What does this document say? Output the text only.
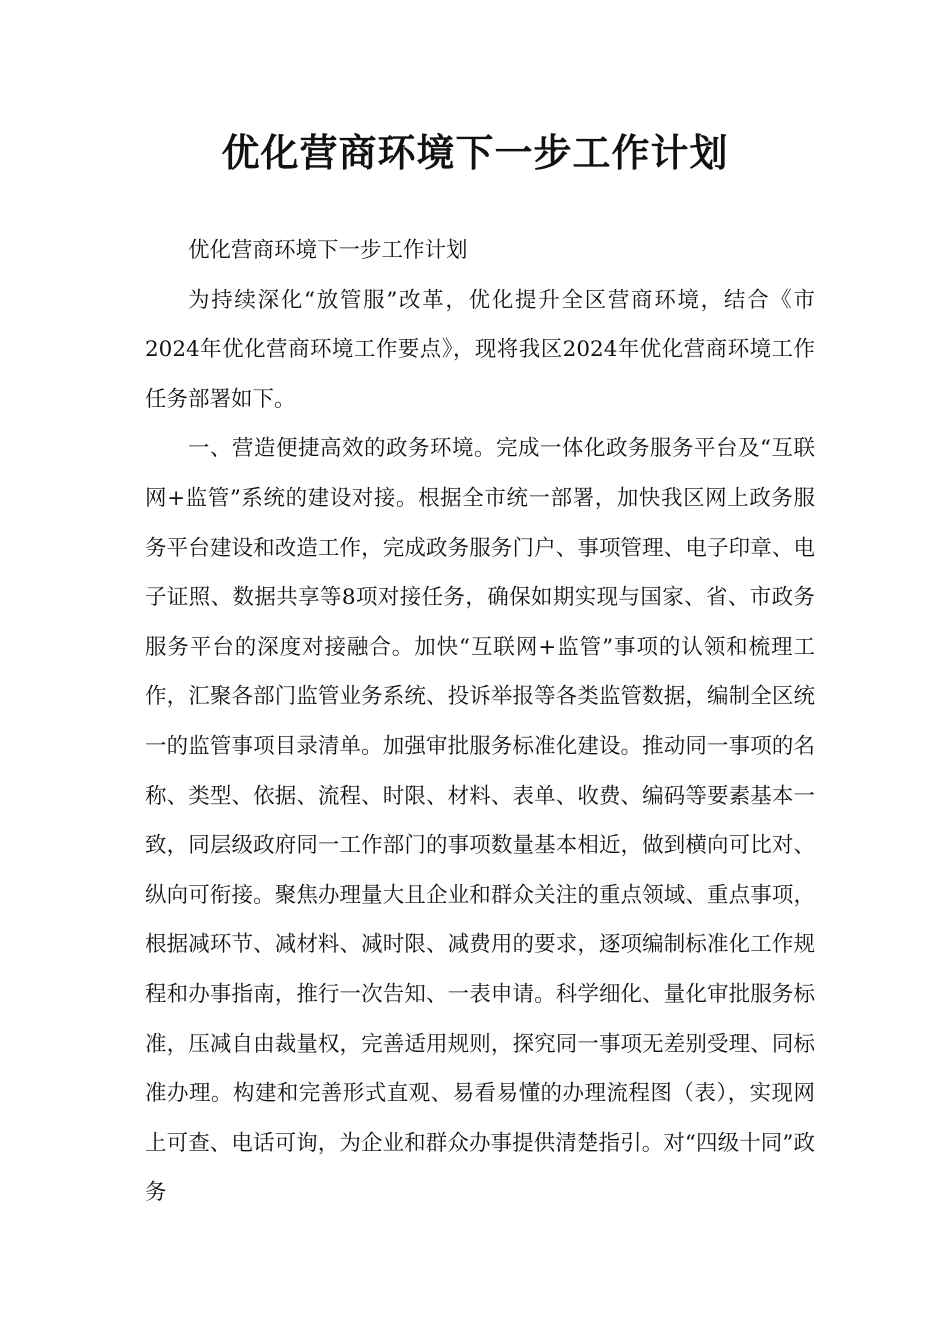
优化营商环境下一步工作计划

优化营商环境下一步工作计划

为持续深化“放管服”改革，优化提升全区营商环境，结合《市2024年优化营商环境工作要点》，现将我区2024年优化营商环境工作任务部署如下。

一、营造便捷高效的政务环境。完成一体化政务服务平台及“互联网+监管”系统的建设对接。根据全市统一部署，加快我区网上政务服务平台建设和改造工作，完成政务服务门户、事项管理、电子印章、电子证照、数据共享等8项对接任务，确保如期实现与国家、省、市政务服务平台的深度对接融合。加快“互联网+监管”事项的认领和梳理工作，汇聚各部门监管业务系统、投诉举报等各类监管数据，编制全区统一的监管事项目录清单。加强审批服务标准化建设。推动同一事项的名称、类型、依据、流程、时限、材料、表单、收费、编码等要素基本一致，同层级政府同一工作部门的事项数量基本相近，做到横向可比对、纵向可衔接。聚焦办理量大且企业和群众关注的重点领域、重点事项，根据减环节、减材料、减时限、减费用的要求，逐项编制标准化工作规程和办事指南，推行一次告知、一表申请。科学细化、量化审批服务标准，压减自由裁量权，完善适用规则，探究同一事项无差别受理、同标准办理。构建和完善形式直观、易看易懂的办理流程图（表），实现网上可查、电话可询，为企业和群众办事提供清楚指引。对“四级十同”政务
